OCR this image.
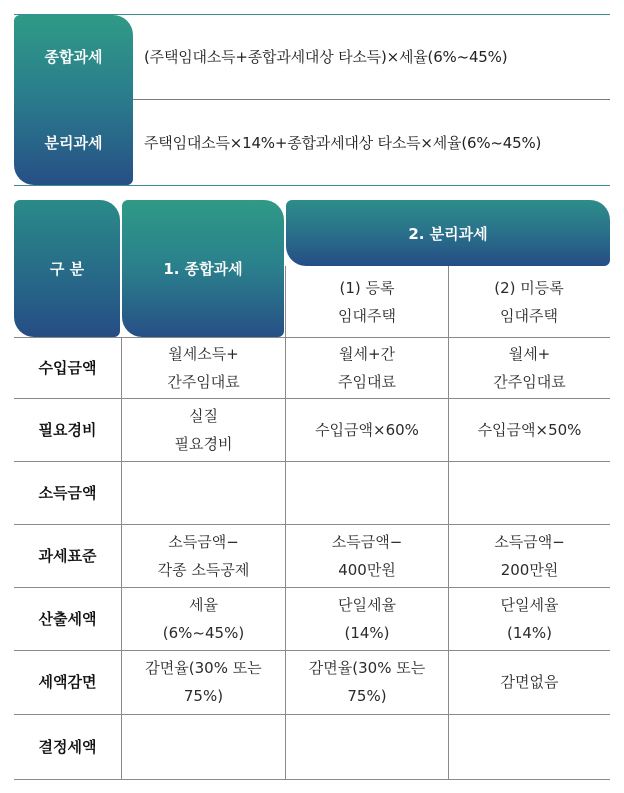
종합과세
분리과세
(주택임대소득+종합과세대상 타소득)×세율(6%~45%)
주택임대소득×14%+종합과세대상 타소득×세율(6%~45%)
구 분	1. 종합과세
2. 분리과세
(1) 등록
임대주택
(2) 미등록
임대주택
수입금액
월세소득+
간주임대료
월세+간
주임대료
월세+
간주임대료
필요경비
실질
필요경비
수입금액×60%	수입금액×50%
소득금액
과세표준
소득금액−
각종 소득공제
소득금액−
400만원
소득금액−
200만원
산출세액
세율
(6%~45%)
단일세율
(14%)
단일세율
(14%)
세액감면
감면율(30% 또는
75%)
감면율(30% 또는
75%)
감면없음
결정세액
